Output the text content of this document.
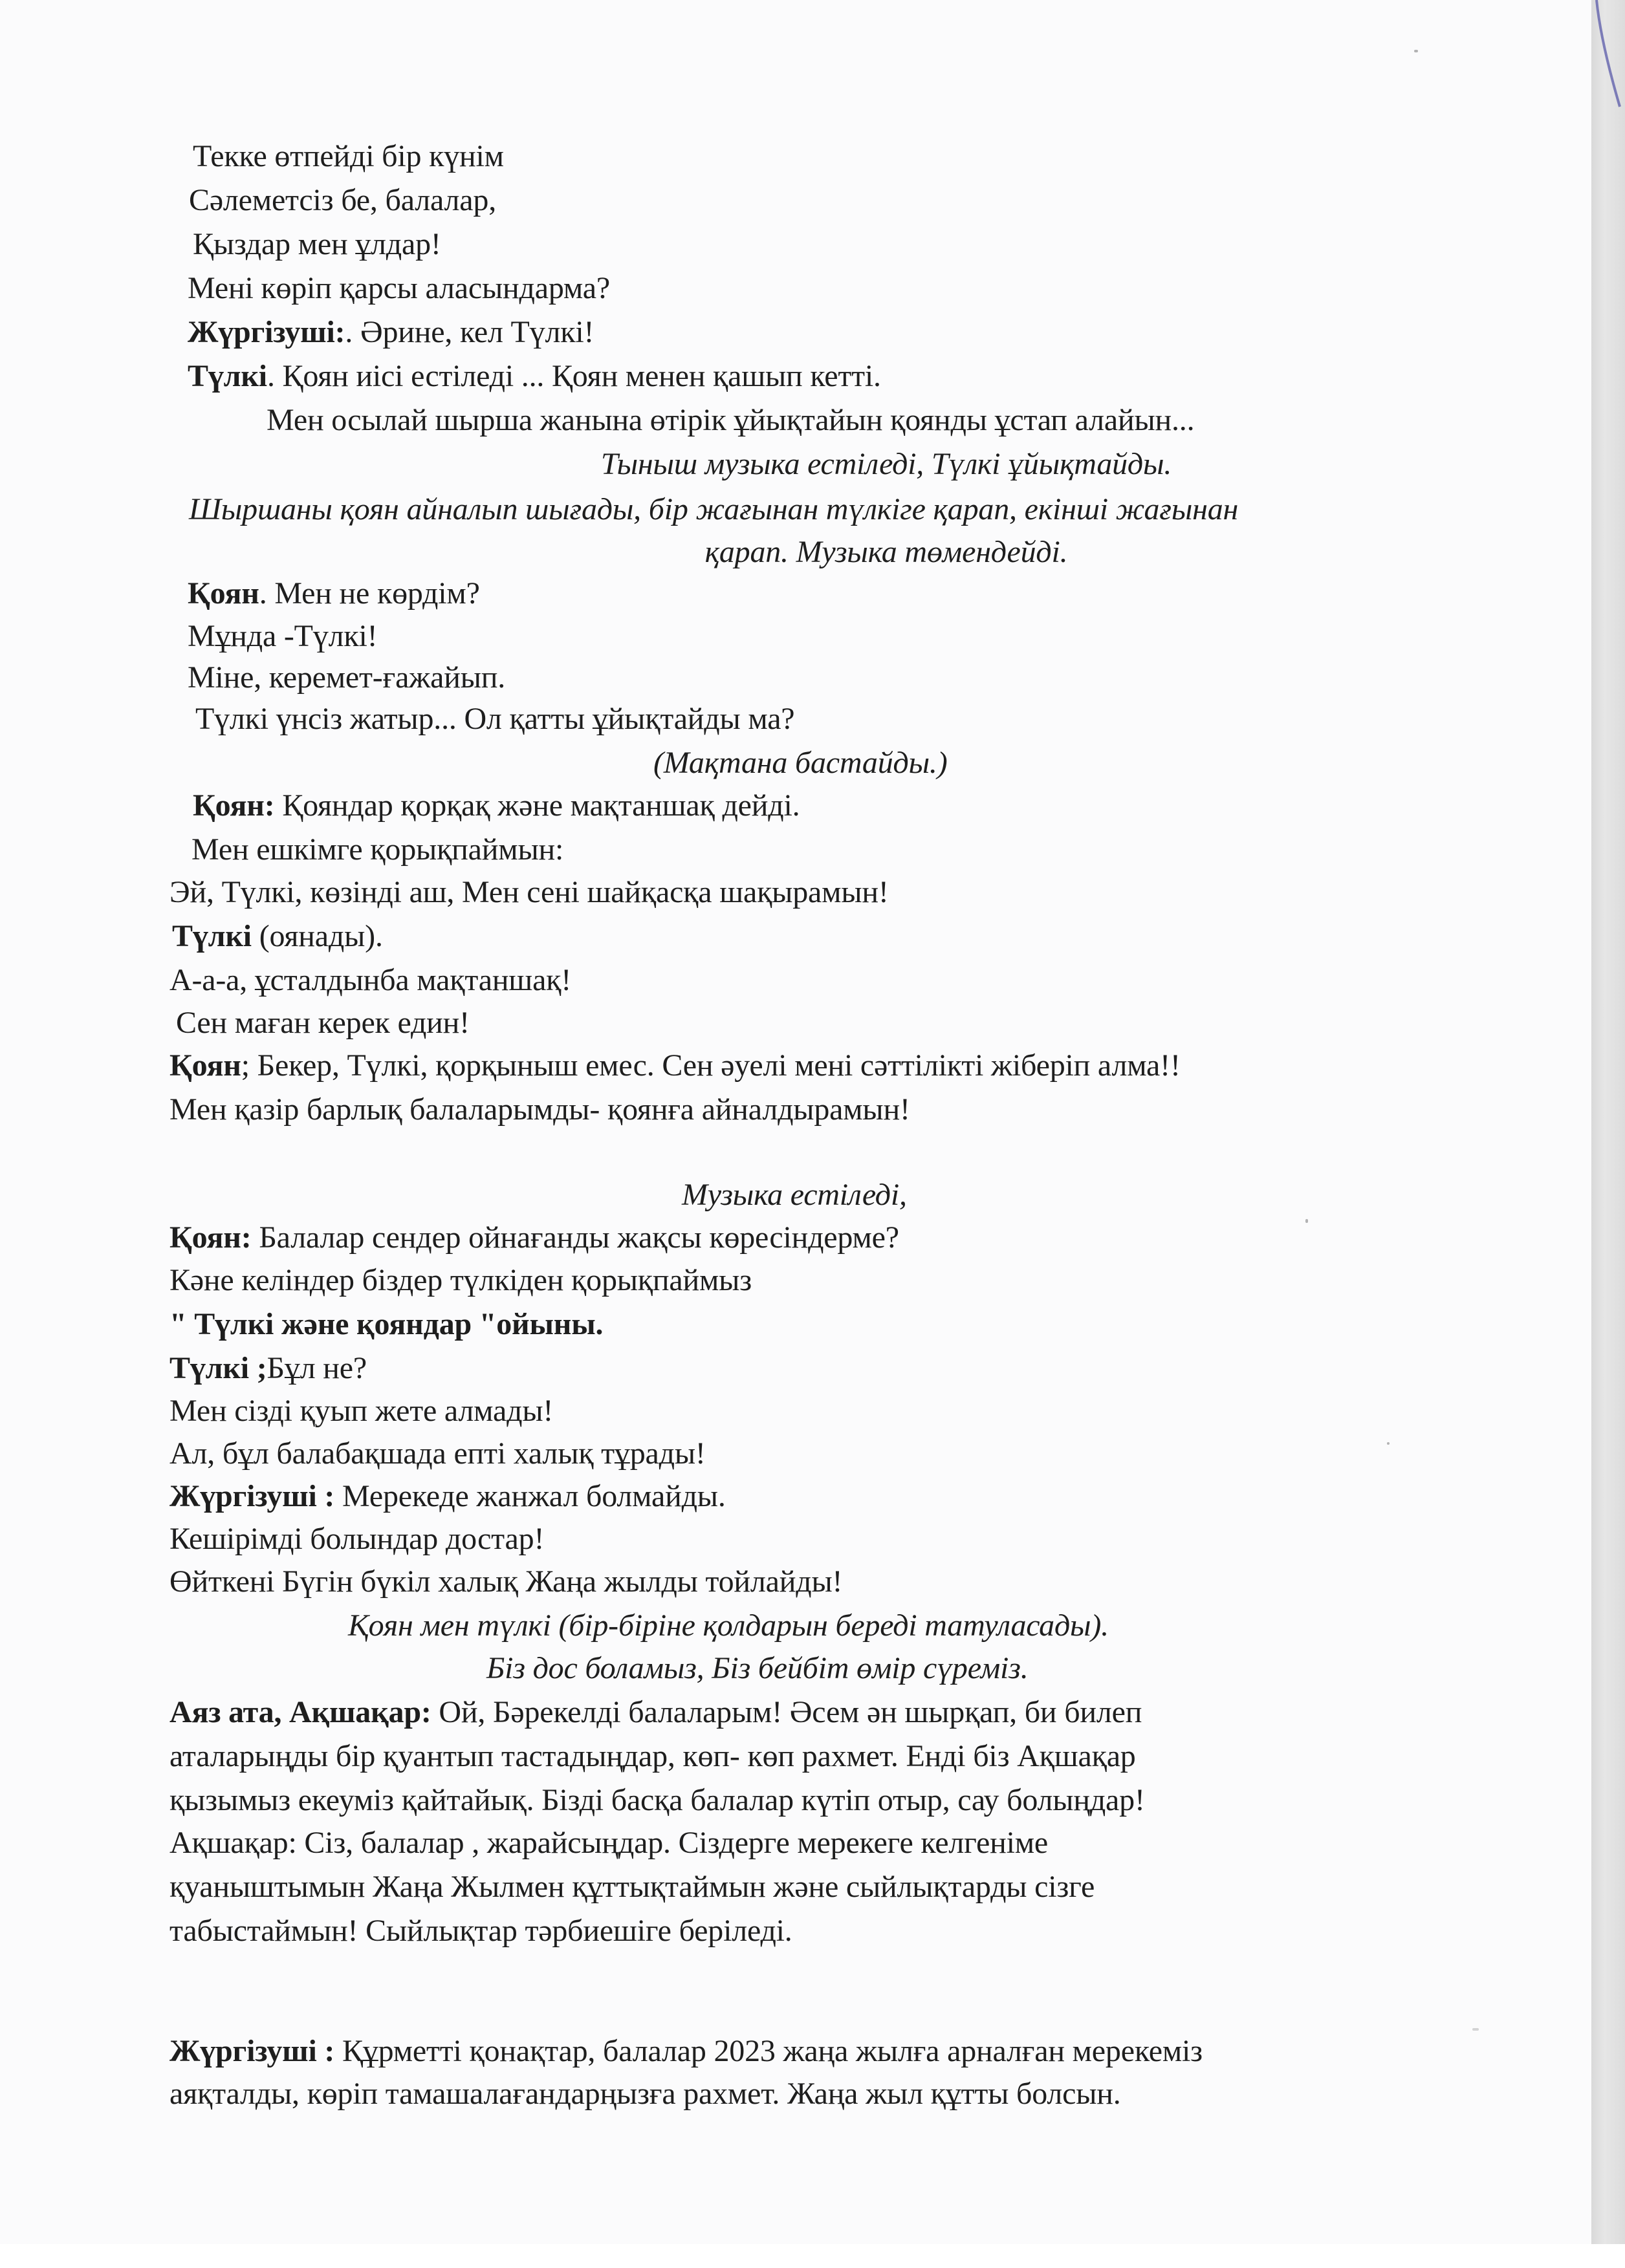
Текке өтпейді бір күнім
Сәлеметсіз бе, балалар,
Қыздар мен ұлдар!
Мені көріп қарсы аласындарма?
Жүргізуші:. Әрине, кел Түлкі!
Түлкі. Қоян иісі естіледі ... Қоян менен қашып кетті.
Мен осылай шырша жанына өтірік ұйықтайын қоянды ұстап алайын...
Тыныш музыка естіледі, Түлкі ұйықтайды.
Шыршаны қоян айналып шығады, бір жағынан түлкіге қарап, екінші жағынан
қарап. Музыка төмендейді.
Қоян. Мен не көрдім?
Мұнда -Түлкі!
Міне, керемет-ғажайып.
Түлкі үнсіз жатыр... Ол қатты ұйықтайды ма?
(Мақтана бастайды.)
Қоян: Қояндар қорқақ және мақтаншақ дейді.
Мен ешкімге қорықпаймын:
Эй, Түлкі, көзінді аш, Мен сені шайқасқа шақырамын!
Түлкі (оянады).
А-а-а, ұсталдынба мақтаншақ!
Сен маған керек един!
Қоян; Бекер, Түлкі, қорқыныш емес. Сен әуелі мені сәттілікті жіберіп алма!!
Мен қазір барлық балаларымды- қоянға айналдырамын!
Музыка естіледі,
Қоян: Балалар сендер ойнағанды жақсы көресіндерме?
Кәне келіндер біздер түлкіден қорықпаймыз
" Түлкі және қояндар "ойыны.
Түлкі ;Бұл не?
Мен сізді қуып жете алмады!
Ал, бұл балабақшада епті халық тұрады!
Жүргізуші : Мерекеде жанжал болмайды.
Кешірімді болындар достар!
Өйткені Бүгін бүкіл халық Жаңа жылды тойлайды!
Қоян мен түлкі (бір-біріне қолдарын береді татуласады).
Біз дос боламыз, Біз бейбіт өмір сүреміз.
Аяз ата, Ақшақар: Ой, Бәрекелді балаларым! Әсем ән шырқап, би билеп
аталарыңды бір қуантып тастадыңдар, көп- көп рахмет. Енді біз Ақшақар
қызымыз екеуміз қайтайық. Бізді басқа балалар күтіп отыр, сау болыңдар!
Ақшақар: Сіз, балалар , жарайсыңдар. Сіздерге мерекеге келгеніме
қуаныштымын Жаңа Жылмен құттықтаймын және сыйлықтарды сізге
табыстаймын! Сыйлықтар тәрбиешіге беріледі.
Жүргізуші : Құрметті қонақтар, балалар 2023 жаңа жылға арналған мерекеміз
аяқталды, көріп тамашалағандарңызға рахмет. Жаңа жыл құтты болсын.
